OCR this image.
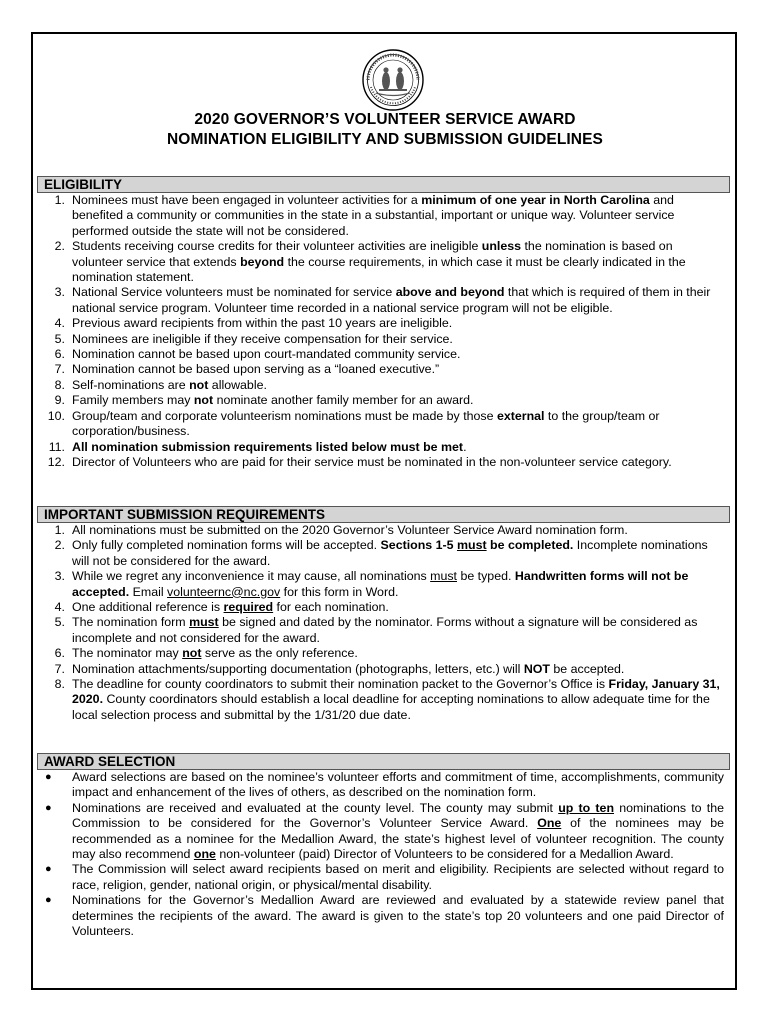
2020 GOVERNOR’S VOLUNTEER SERVICE AWARD
NOMINATION ELIGIBILITY AND SUBMISSION GUIDELINES
ELIGIBILITY
1. Nominees must have been engaged in volunteer activities for a minimum of one year in North Carolina and benefited a community or communities in the state in a substantial, important or unique way. Volunteer service performed outside the state will not be considered.
2. Students receiving course credits for their volunteer activities are ineligible unless the nomination is based on volunteer service that extends beyond the course requirements, in which case it must be clearly indicated in the nomination statement.
3. National Service volunteers must be nominated for service above and beyond that which is required of them in their national service program. Volunteer time recorded in a national service program will not be eligible.
4. Previous award recipients from within the past 10 years are ineligible.
5. Nominees are ineligible if they receive compensation for their service.
6. Nomination cannot be based upon court-mandated community service.
7. Nomination cannot be based upon serving as a “loaned executive.”
8. Self-nominations are not allowable.
9. Family members may not nominate another family member for an award.
10. Group/team and corporate volunteerism nominations must be made by those external to the group/team or corporation/business.
11. All nomination submission requirements listed below must be met.
12. Director of Volunteers who are paid for their service must be nominated in the non-volunteer service category.
IMPORTANT SUBMISSION REQUIREMENTS
1. All nominations must be submitted on the 2020 Governor’s Volunteer Service Award nomination form.
2. Only fully completed nomination forms will be accepted. Sections 1-5 must be completed. Incomplete nominations will not be considered for the award.
3. While we regret any inconvenience it may cause, all nominations must be typed. Handwritten forms will not be accepted. Email volunteernc@nc.gov for this form in Word.
4. One additional reference is required for each nomination.
5. The nomination form must be signed and dated by the nominator. Forms without a signature will be considered as incomplete and not considered for the award.
6. The nominator may not serve as the only reference.
7. Nomination attachments/supporting documentation (photographs, letters, etc.) will NOT be accepted.
8. The deadline for county coordinators to submit their nomination packet to the Governor’s Office is Friday, January 31, 2020. County coordinators should establish a local deadline for accepting nominations to allow adequate time for the local selection process and submittal by the 1/31/20 due date.
AWARD SELECTION
●	Award selections are based on the nominee’s volunteer efforts and commitment of time, accomplishments, community impact and enhancement of the lives of others, as described on the nomination form.
●	Nominations are received and evaluated at the county level. The county may submit up to ten nominations to the Commission to be considered for the Governor’s Volunteer Service Award. One of the nominees may be recommended as a nominee for the Medallion Award, the state’s highest level of volunteer recognition. The county may also recommend one non-volunteer (paid) Director of Volunteers to be considered for a Medallion Award.
●	The Commission will select award recipients based on merit and eligibility. Recipients are selected without regard to race, religion, gender, national origin, or physical/mental disability.
●	Nominations for the Governor’s Medallion Award are reviewed and evaluated by a statewide review panel that determines the recipients of the award. The award is given to the state’s top 20 volunteers and one paid Director of Volunteers.
